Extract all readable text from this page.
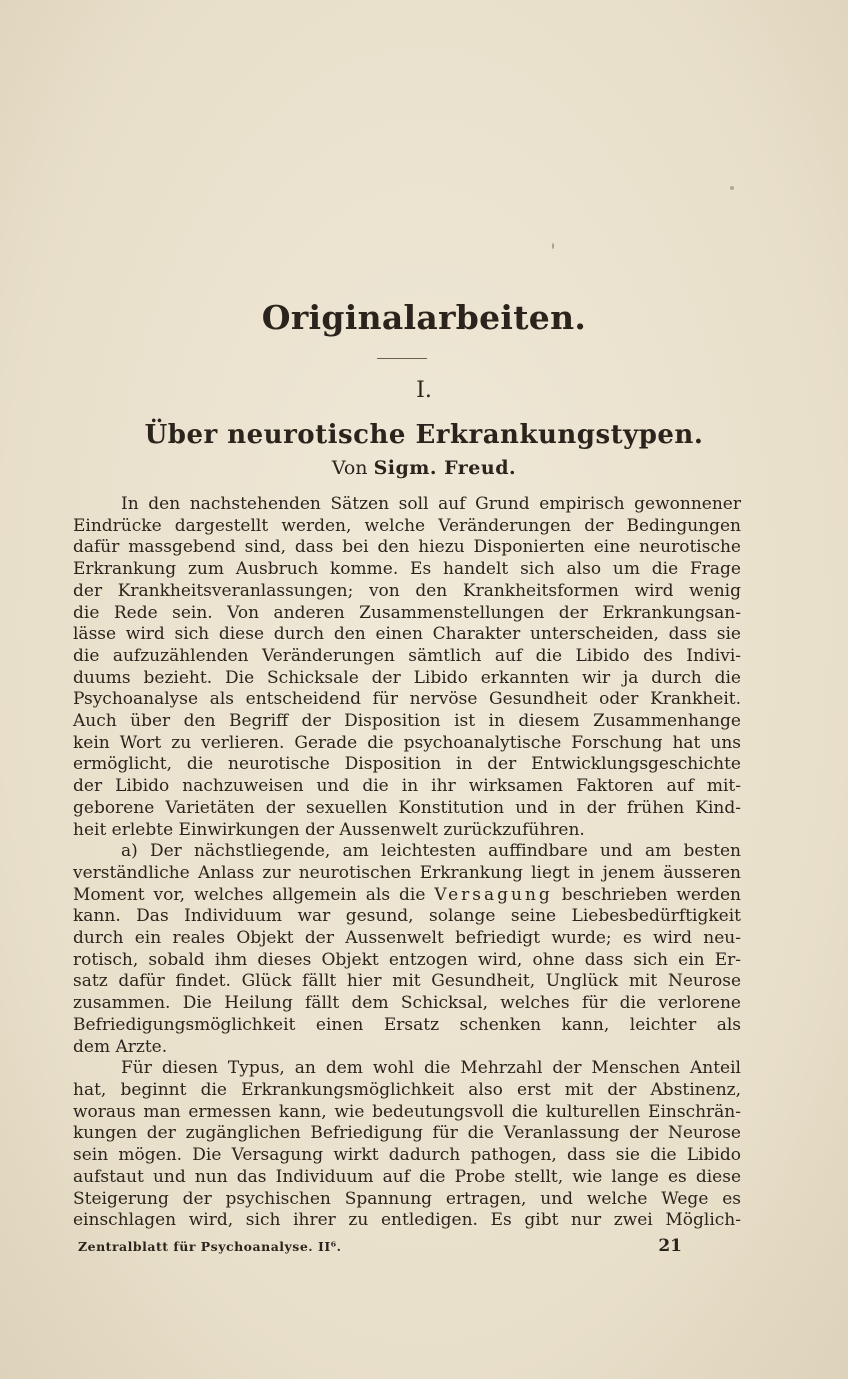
Originalarbeiten.
I.
Über neurotische Erkrankungstypen.
Von Sigm. Freud.

In den nachstehenden Sätzen soll auf Grund empirisch gewonnener
Eindrücke dargestellt werden, welche Veränderungen der Bedingungen
dafür massgebend sind, dass bei den hiezu Disponierten eine neurotische
Erkrankung zum Ausbruch komme. Es handelt sich also um die Frage
der Krankheitsveranlassungen; von den Krankheitsformen wird wenig
die Rede sein. Von anderen Zusammenstellungen der Erkrankungsan-
lässe wird sich diese durch den einen Charakter unterscheiden, dass sie
die aufzuzählenden Veränderungen sämtlich auf die Libido des Indivi-
duums bezieht. Die Schicksale der Libido erkannten wir ja durch die
Psychoanalyse als entscheidend für nervöse Gesundheit oder Krankheit.
Auch über den Begriff der Disposition ist in diesem Zusammenhange
kein Wort zu verlieren. Gerade die psychoanalytische Forschung hat uns
ermöglicht, die neurotische Disposition in der Entwicklungsgeschichte
der Libido nachzuweisen und die in ihr wirksamen Faktoren auf mit-
geborene Varietäten der sexuellen Konstitution und in der frühen Kind-
heit erlebte Einwirkungen der Aussenwelt zurückzuführen.

a) Der nächstliegende, am leichtesten auffindbare und am besten
verständliche Anlass zur neurotischen Erkrankung liegt in jenem äusseren
Moment vor, welches allgemein als die Versagung beschrieben werden
kann. Das Individuum war gesund, solange seine Liebesbedürftigkeit
durch ein reales Objekt der Aussenwelt befriedigt wurde; es wird neu-
rotisch, sobald ihm dieses Objekt entzogen wird, ohne dass sich ein Er-
satz dafür findet. Glück fällt hier mit Gesundheit, Unglück mit Neurose
zusammen. Die Heilung fällt dem Schicksal, welches für die verlorene
Befriedigungsmöglichkeit einen Ersatz schenken kann, leichter als
dem Arzte.

Für diesen Typus, an dem wohl die Mehrzahl der Menschen Anteil
hat, beginnt die Erkrankungsmöglichkeit also erst mit der Abstinenz,
woraus man ermessen kann, wie bedeutungsvoll die kulturellen Einschrän-
kungen der zugänglichen Befriedigung für die Veranlassung der Neurose
sein mögen. Die Versagung wirkt dadurch pathogen, dass sie die Libido
aufstaut und nun das Individuum auf die Probe stellt, wie lange es diese
Steigerung der psychischen Spannung ertragen, und welche Wege es
einschlagen wird, sich ihrer zu entledigen. Es gibt nur zwei Möglich-

Zentralblatt für Psychoanalyse. II⁶.	21
